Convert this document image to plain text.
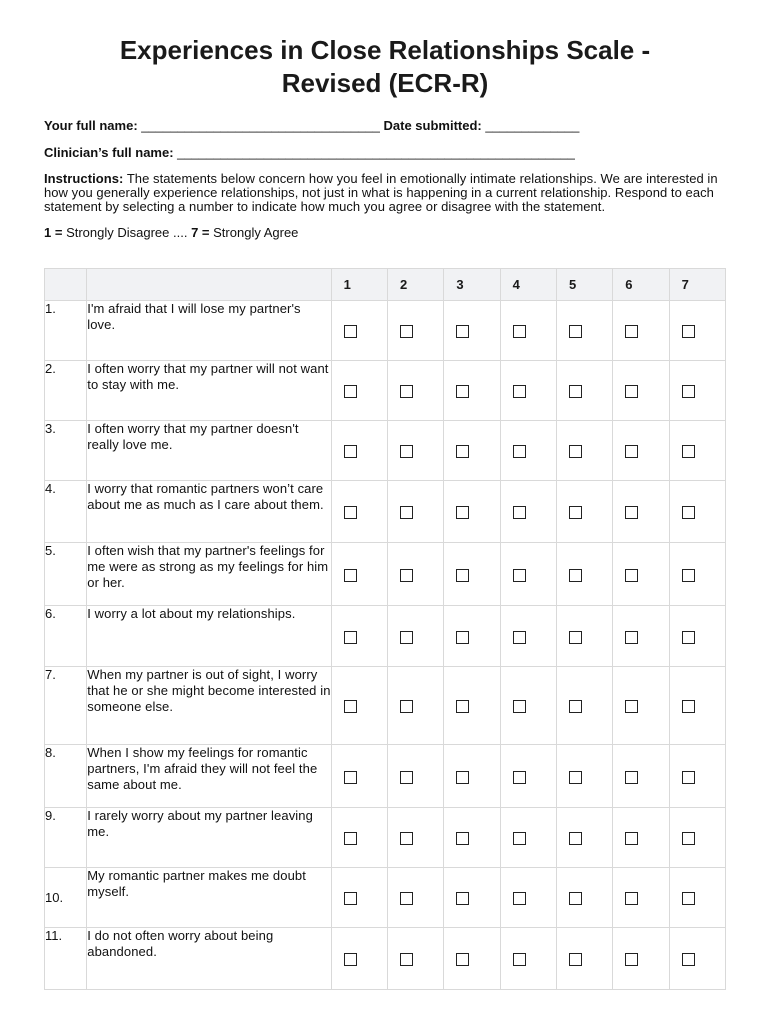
Experiences in Close Relationships Scale -
Revised (ECR-R)
Your full name: _________________________________ Date submitted: _____________
Clinician’s full name: _______________________________________________________
Instructions: The statements below concern how you feel in emotionally intimate relationships. We are interested in how you generally experience relationships, not just in what is happening in a current relationship. Respond to each statement by selecting a number to indicate how much you agree or disagree with the statement.
1 = Strongly Disagree .... 7 = Strongly Agree
		1	2	3	4	5	6	7
1.	I'm afraid that I will lose my partner's love.							
2.	I often worry that my partner will not want to stay with me.							
3.	I often worry that my partner doesn't really love me.							
4.	I worry that romantic partners won’t care about me as much as I care about them.							
5.	I often wish that my partner's feelings for me were as strong as my feelings for him or her.							
6.	I worry a lot about my relationships.							
7.	When my partner is out of sight, I worry that he or she might become interested in someone else.							
8.	When I show my feelings for romantic partners, I'm afraid they will not feel the same about me.							
9.	I rarely worry about my partner leaving me.							
10.	My romantic partner makes me doubt myself.							
11.	I do not often worry about being abandoned.							
